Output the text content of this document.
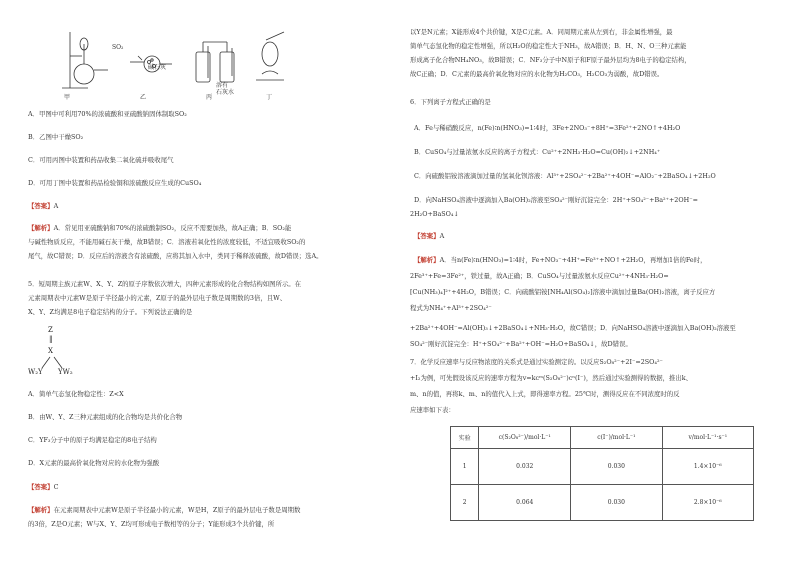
SO₂
碱石灰
溶有
石灰水
甲	乙	丙	丁
A．甲图中可利用70%的浓硫酸和亚硫酸钠固体制取SO₂
B．乙图中干燥SO₂
C．可用丙图中装置和药品收集二氧化硫并吸收尾气
D．可用丁图中装置和药品检验铜和浓硫酸反应生成的CuSO₄
【答案】A
【解析】A．常见用亚硫酸钠和70%的浓硫酸制SO₂，反应不需要加热，故A正确；B．SO₂能
与碱性物质反应，不能用碱石灰干燥，故B错误；C．溶液若氧化性的浓度较低，不适宜吸收SO₂的
尾气，故C错误；D．反应后的溶液含有浓硫酸，应将其加入水中，类同于稀释浓硫酸，故D错误；选A。
5．短周期主族元素W、X、Y、Z的原子序数依次增大，四种元素形成的化合物结构如图所示。在
元素周期表中元素W是原子半径最小的元素，Z原子的最外层电子数是周期数的3倍，且W、
X、Y、Z均满足8电子稳定结构的分子。下列说法正确的是
Z
‖
X
W₂Y YW₂
A．简单气态氢化物稳定性：Z<X
B．由W、Y、Z三种元素组成的化合物均是共价化合物
C．YF₃分子中的原子均满足稳定的8电子结构
D．X元素的最高价氧化物对应的水化物为强酸
【答案】C
【解析】在元素周期表中元素W是原子半径最小的元素，W是H，Z原子的最外层电子数是周期数
的3倍，Z是O元素；W与X、Y、Z均可形成电子数相等的分子；Y能形成3个共价键，所
以Y是N元素；X能形成4个共价键，X是C元素。A．同周期元素从左到右，非金属性增强，最
简单气态氢化物的稳定性增强，所以H₂O的稳定性大于NH₃，故A错误；B．H、N、O三种元素能
形成离子化合物NH₄NO₃，故B错误；C．NF₃分子中N原子和F原子最外层均为8电子的稳定结构，
故C正确；D．C元素的最高价氧化物对应的水化物为H₂CO₃，H₂CO₃为弱酸，故D错误。
6．下列离子方程式正确的是
A．Fe与稀硝酸反应，n(Fe)∶n(HNO₃)=1∶4时，3Fe+2NO₃⁻+8H⁺=3Fe²⁺+2NO↑+4H₂O
B．CuSO₄与过量浓氨水反应的离子方程式：Cu²⁺+2NH₃·H₂O=Cu(OH)₂↓+2NH₄⁺
C．向硫酸铝铵溶液滴加过量的氢氧化钡溶液：Al³⁺+2SO₄²⁻+2Ba²⁺+4OH⁻=AlO₂⁻+2BaSO₄↓+2H₂O
D．向NaHSO₄溶液中逐滴加入Ba(OH)₂溶液至SO₄²⁻刚好沉淀完全：2H⁺+SO₄²⁻+Ba²⁺+2OH⁻=
2H₂O+BaSO₄↓
【答案】A
【解析】A．当n(Fe)∶n(HNO₃)=1∶4时，Fe+NO₃⁻+4H⁺=Fe³⁺+NO↑+2H₂O，再增加1倍的Fe时，
2Fe³⁺+Fe=3Fe²⁺，铁过量，故A正确；B．CuSO₄与过量浓氨水反应Cu²⁺+4NH₃·H₂O=
[Cu(NH₃)₄]²⁺+4H₂O，B错误；C．向硫酸铝铵[NH₄Al(SO₄)₂]溶液中滴加过量Ba(OH)₂溶液，离子反应方
程式为NH₄⁺+Al³⁺+2SO₄²⁻
+2Ba²⁺+4OH⁻=Al(OH)₃↓+2BaSO₄↓+NH₃·H₂O，故C错误；D．向NaHSO₄溶液中逐滴加入Ba(OH)₂溶液至
SO₄²⁻刚好沉淀完全：H⁺+SO₄²⁻+Ba²⁺+OH⁻=H₂O+BaSO₄↓，故D错误。
7．化学反应速率与反应物浓度的关系式是通过实验测定的。以反应S₂O₈²⁻+2I⁻=2SO₄²⁻
+I₂为例，可先假设该反应的速率方程为v=kcᵐ(S₂O₈²⁻)cⁿ(I⁻)，然后通过实验测得的数据，推出k、
m、n的值，再将k、m、n的值代入上式，即得速率方程。25℃时，测得反应在不同浓度时的反
应速率如下表：
实验	c(S₂O₈²⁻)/mol·L⁻¹	c(I⁻)/mol·L⁻¹	v/mol·L⁻¹·s⁻¹
1	0.032	0.030	1.4×10⁻⁶
2	0.064	0.030	2.8×10⁻⁶
